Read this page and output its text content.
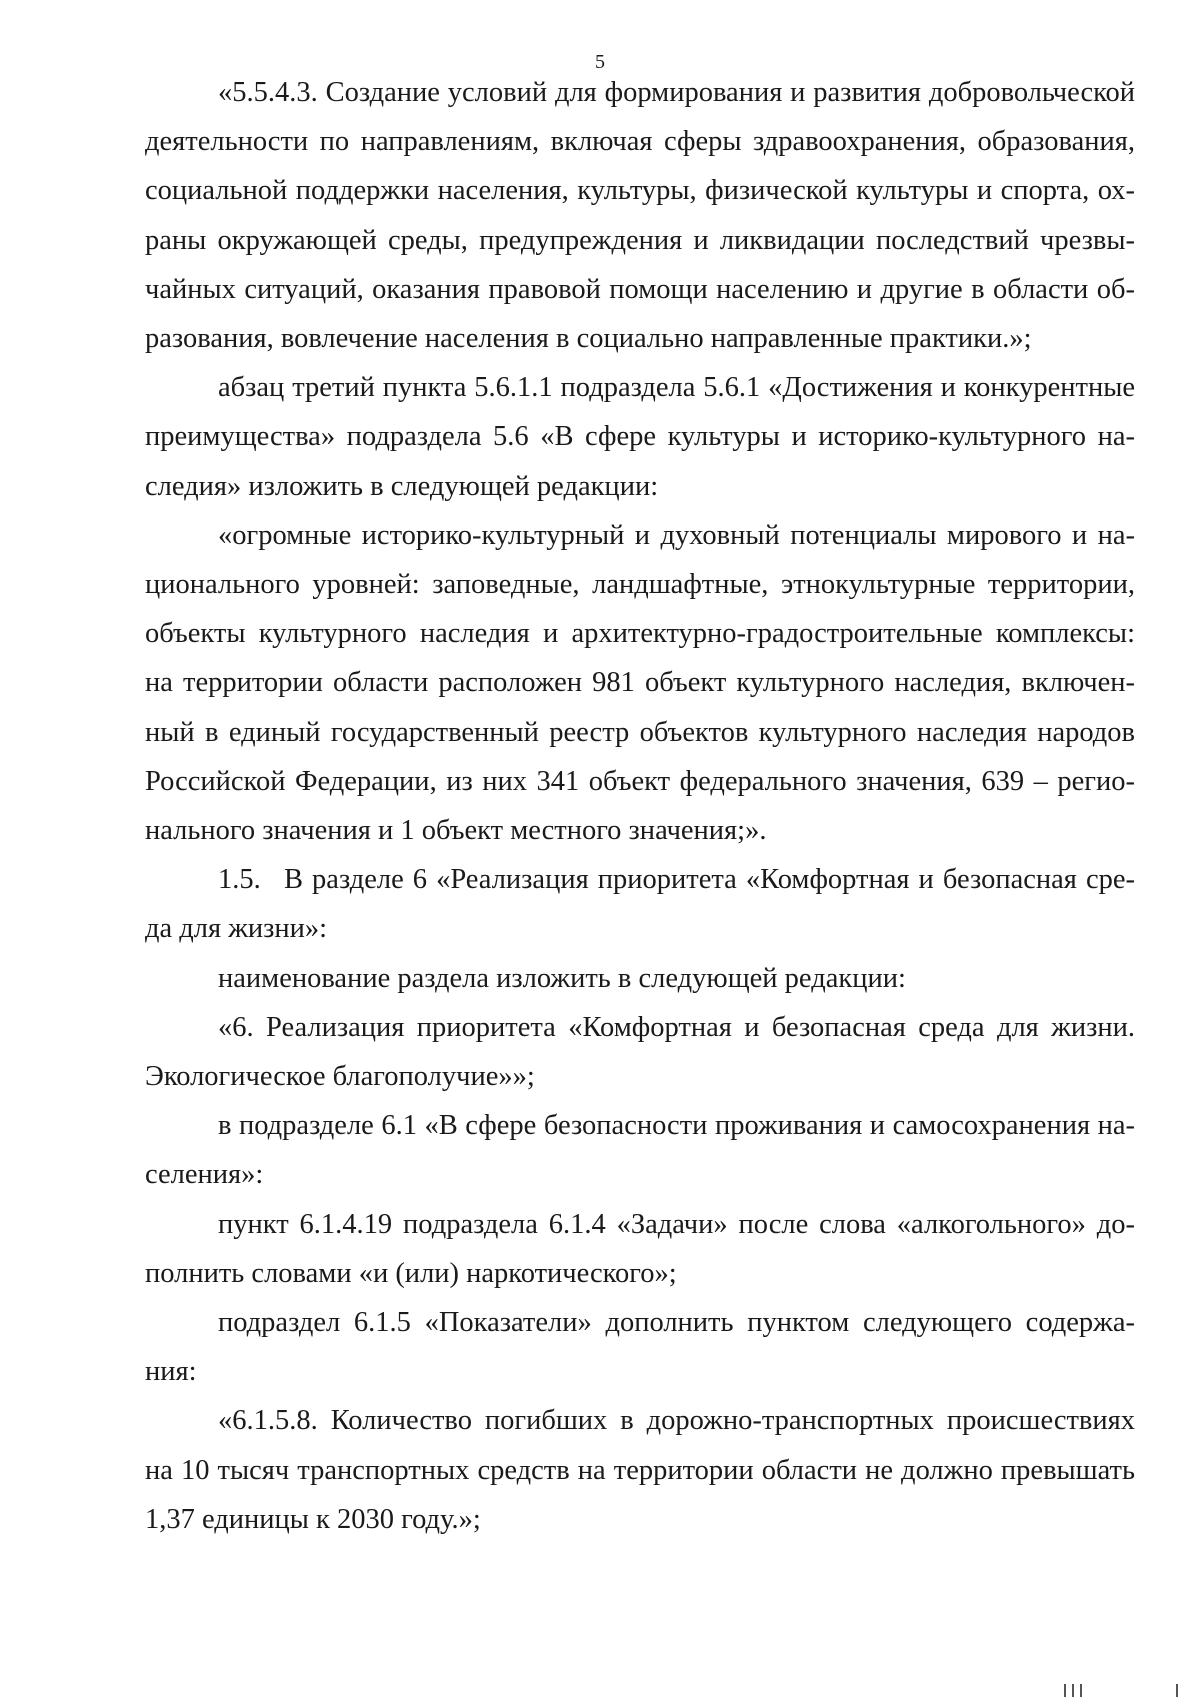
5

«5.5.4.3. Создание условий для формирования и развития добровольческой деятельности по направлениям, включая сферы здравоохранения, образования, социальной поддержки населения, культуры, физической культуры и спорта, охраны окружающей среды, предупреждения и ликвидации последствий чрезвычайных ситуаций, оказания правовой помощи населению и другие в области образования, вовлечение населения в социально направленные практики.»;

абзац третий пункта 5.6.1.1 подраздела 5.6.1 «Достижения и конкурентные преимущества» подраздела 5.6 «В сфере культуры и историко-культурного наследия» изложить в следующей редакции:

«огромные историко-культурный и духовный потенциалы мирового и национального уровней: заповедные, ландшафтные, этнокультурные территории, объекты культурного наследия и архитектурно-градостроительные комплексы: на территории области расположен 981 объект культурного наследия, включенный в единый государственный реестр объектов культурного наследия народов Российской Федерации, из них 341 объект федерального значения, 639 – регионального значения и 1 объект местного значения;».

1.5. В разделе 6 «Реализация приоритета «Комфортная и безопасная среда для жизни»:

наименование раздела изложить в следующей редакции:

«6. Реализация приоритета «Комфортная и безопасная среда для жизни. Экологическое благополучие»»;

в подразделе 6.1 «В сфере безопасности проживания и самосохранения населения»:

пункт 6.1.4.19 подраздела 6.1.4 «Задачи» после слова «алкогольного» дополнить словами «и (или) наркотического»;

подраздел 6.1.5 «Показатели» дополнить пунктом следующего содержания:

«6.1.5.8. Количество погибших в дорожно-транспортных происшествиях на 10 тысяч транспортных средств на территории области не должно превышать 1,37 единицы к 2030 году.»;
